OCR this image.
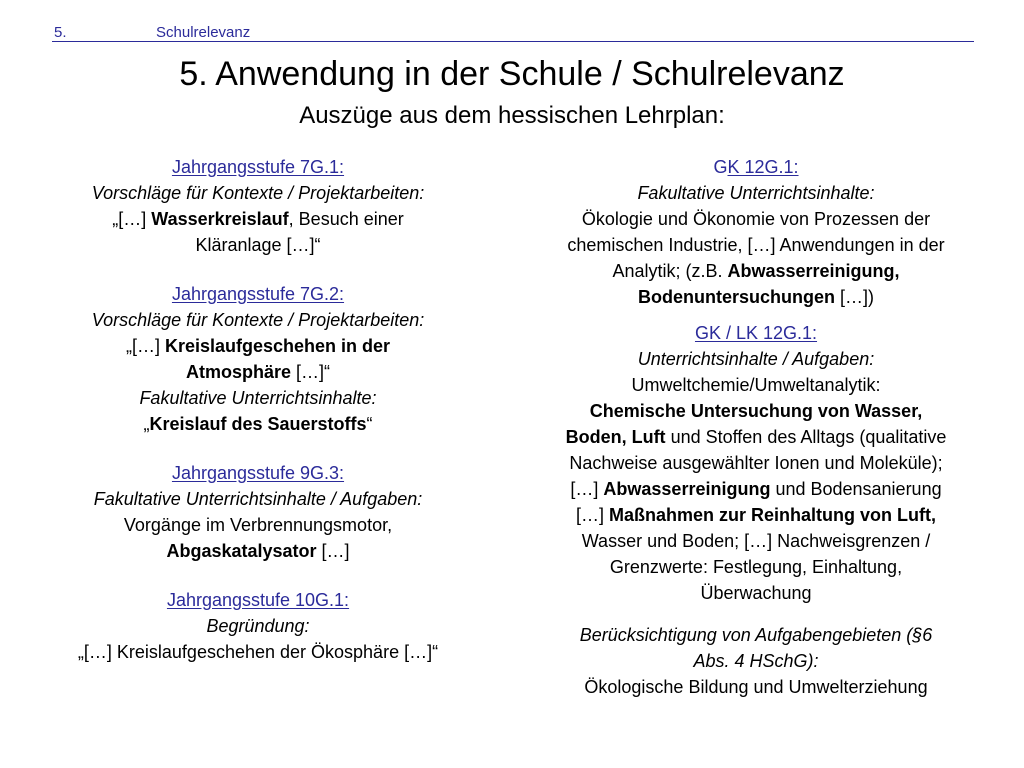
5.	Schulrelevanz
5. Anwendung in der Schule / Schulrelevanz
Auszüge aus dem hessischen Lehrplan:
Jahrgangsstufe 7G.1:
Vorschläge für Kontexte / Projektarbeiten:
„[…] Wasserkreislauf, Besuch einer
Kläranlage […]“
Jahrgangsstufe 7G.2:
Vorschläge für Kontexte / Projektarbeiten:
„[…] Kreislaufgeschehen in der
Atmosphäre […]“
Fakultative Unterrichtsinhalte:
„Kreislauf des Sauerstoffs“
Jahrgangsstufe 9G.3:
Fakultative Unterrichtsinhalte / Aufgaben:
Vorgänge im Verbrennungsmotor,
Abgaskatalysator […]
Jahrgangsstufe 10G.1:
Begründung:
„[…] Kreislaufgeschehen der Ökosphäre […]“
GK 12G.1:
Fakultative Unterrichtsinhalte:
Ökologie und Ökonomie von Prozessen der
chemischen Industrie, […] Anwendungen in der
Analytik; (z.B. Abwasserreinigung,
Bodenuntersuchungen […])
GK / LK 12G.1:
Unterrichtsinhalte / Aufgaben:
Umweltchemie/Umweltanalytik:
Chemische Untersuchung von Wasser,
Boden, Luft und Stoffen des Alltags (qualitative
Nachweise ausgewählter Ionen und Moleküle);
[…] Abwasserreinigung und Bodensanierung
[…] Maßnahmen zur Reinhaltung von Luft,
Wasser und Boden; […] Nachweisgrenzen /
Grenzwerte: Festlegung, Einhaltung,
Überwachung
Berücksichtigung von Aufgabengebieten (§6
Abs. 4 HSchG):
Ökologische Bildung und Umwelterziehung
